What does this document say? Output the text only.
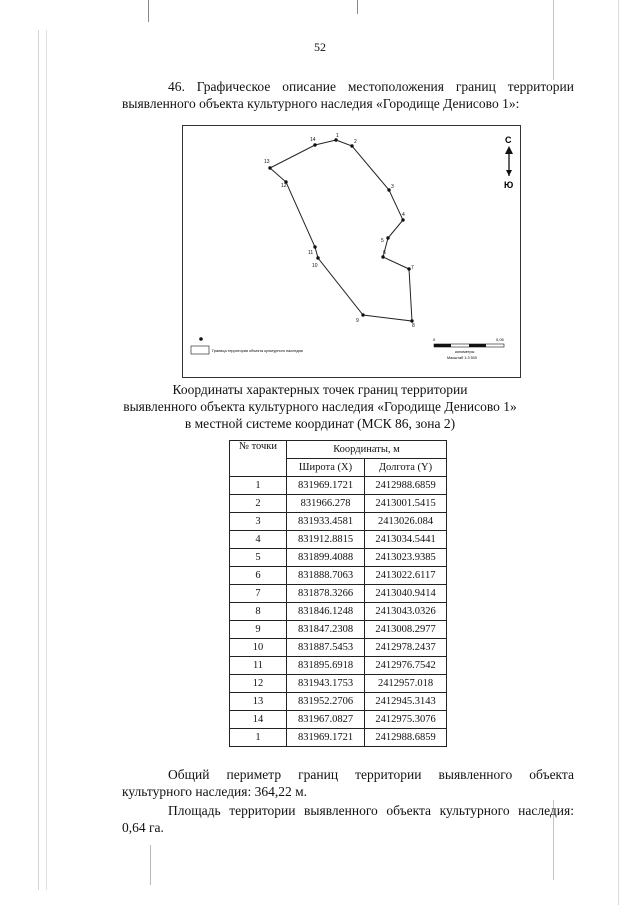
52
46. Графическое описание местоположения границ территории
выявленного объекта культурного наследия «Городище Денисово 1»:
1
2
3
4
5
6
7
8
9
10
11
12
13
14	С
Ю
Граница территории объекта культурного наследия
0	0,05
километры
Масштаб 1:3 500
Координаты характерных точек границ территории
выявленного объекта культурного наследия «Городище Денисово 1»
в местной системе координат (МСК 86, зона 2)
№ точки	Координаты, м	
	Широта (X)	Долгота (Y)
1	831969.1721	2412988.6859
2	831966.278	2413001.5415
3	831933.4581	2413026.084
4	831912.8815	2413034.5441
5	831899.4088	2413023.9385
6	831888.7063	2413022.6117
7	831878.3266	2413040.9414
8	831846.1248	2413043.0326
9	831847.2308	2413008.2977
10	831887.5453	2412978.2437
11	831895.6918	2412976.7542
12	831943.1753	2412957.018
13	831952.2706	2412945.3143
14	831967.0827	2412975.3076
1	831969.1721	2412988.6859
Общий периметр границ территории выявленного объекта
культурного наследия: 364,22 м.
Площадь территории выявленного объекта культурного наследия:
0,64 га.
